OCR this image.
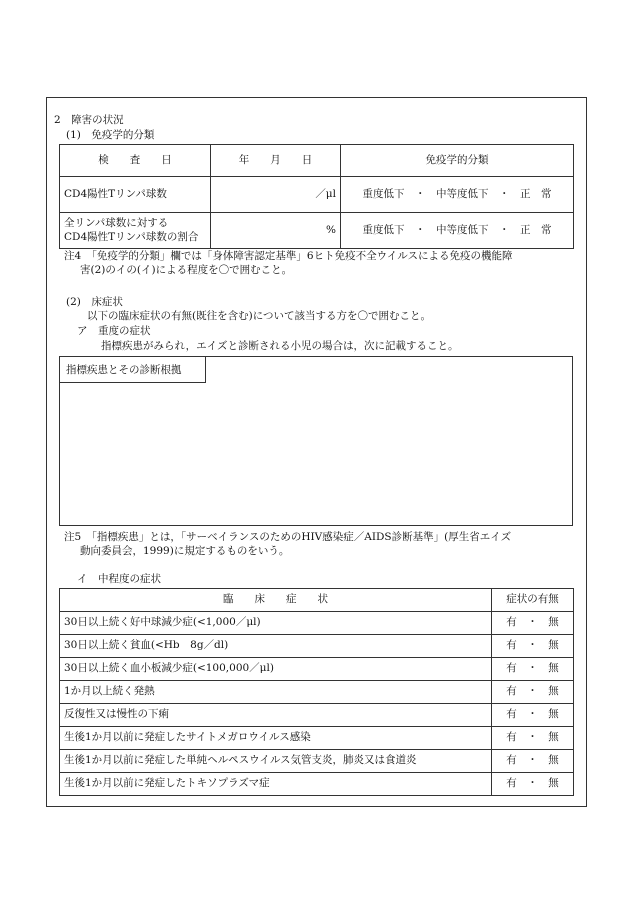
2　障害の状況
(1)　免疫学的分類
検　　査　　日	年　　月　　日	免疫学的分類
CD4陽性Tリンパ球数	／μl	重度低下　・　中等度低下　・　正　常
全リンパ球数に対する
CD4陽性Tリンパ球数の割合	%	重度低下　・　中等度低下　・　正　常
注4　「免疫学的分類」欄では「身体障害認定基準」6ヒト免疫不全ウイルスによる免疫の機能障
害(2)のイの(イ)による程度を〇で囲むこと。
(2)　床症状
以下の臨床症状の有無(既往を含む)について該当する方を〇で囲むこと。
ア　重度の症状
指標疾患がみられ，エイズと診断される小児の場合は，次に記載すること。
指標疾患とその診断根拠
注5　「指標疾患」とは，「サーベイランスのためのHIV感染症／AIDS診断基準」(厚生省エイズ
動向委員会，1999)に規定するものをいう。
イ　中程度の症状
臨　　床　　症　　状	症状の有無
30日以上続く好中球減少症(<1,000／μl)	有　・　無
30日以上続く貧血(<Hb　8g／dl)	有　・　無
30日以上続く血小板減少症(<100,000／μl)	有　・　無
1か月以上続く発熱	有　・　無
反復性又は慢性の下痢	有　・　無
生後1か月以前に発症したサイトメガロウイルス感染	有　・　無
生後1か月以前に発症した単純ヘルペスウイルス気管支炎，肺炎又は食道炎	有　・　無
生後1か月以前に発症したトキソプラズマ症	有　・　無
